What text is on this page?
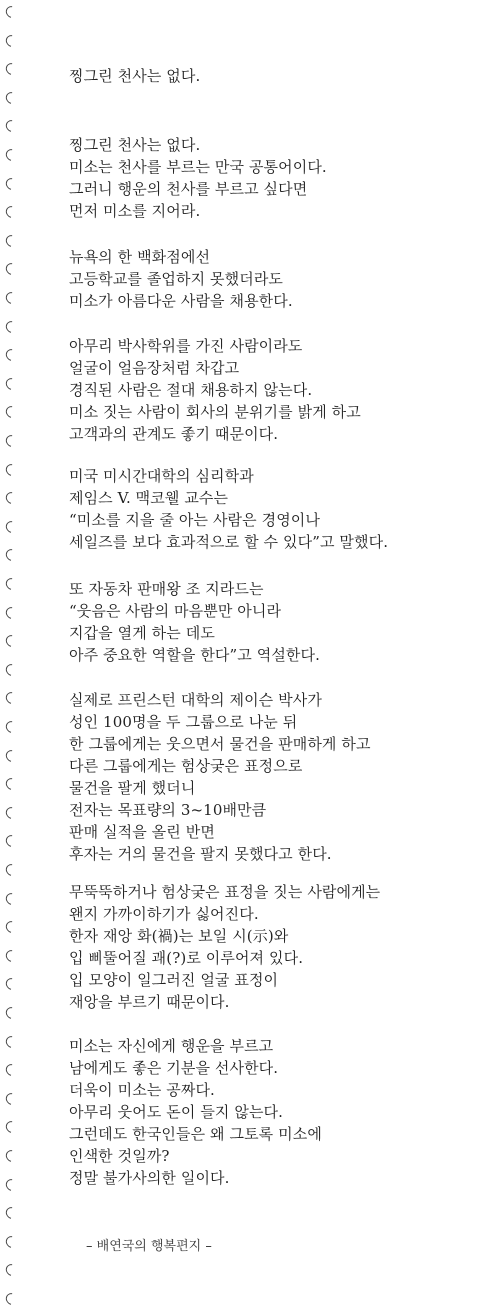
찡그린 천사는 없다.
찡그린 천사는 없다.
미소는 천사를 부르는 만국 공통어이다.
그러니 행운의 천사를 부르고 싶다면
먼저 미소를 지어라.
뉴욕의 한 백화점에선
고등학교를 졸업하지 못했더라도
미소가 아름다운 사람을 채용한다.
아무리 박사학위를 가진 사람이라도
얼굴이 얼음장처럼 차갑고
경직된 사람은 절대 채용하지 않는다.
미소 짓는 사람이 회사의 분위기를 밝게 하고
고객과의 관계도 좋기 때문이다.
미국 미시간대학의 심리학과
제임스 V. 맥코웰 교수는
“미소를 지을 줄 아는 사람은 경영이나
세일즈를 보다 효과적으로 할 수 있다”고 말했다.
또 자동차 판매왕 조 지라드는
“웃음은 사람의 마음뿐만 아니라
지갑을 열게 하는 데도
아주 중요한 역할을 한다”고 역설한다.
실제로 프린스턴 대학의 제이슨 박사가
성인 100명을 두 그룹으로 나눈 뒤
한 그룹에게는 웃으면서 물건을 판매하게 하고
다른 그룹에게는 험상궂은 표정으로
물건을 팔게 했더니
전자는 목표량의 3~10배만큼
판매 실적을 올린 반면
후자는 거의 물건을 팔지 못했다고 한다.
무뚝뚝하거나 험상궂은 표정을 짓는 사람에게는
왠지 가까이하기가 싫어진다.
한자 재앙 화(禍)는 보일 시(示)와
입 삐뚤어질 괘(?)로 이루어져 있다.
입 모양이 일그러진 얼굴 표정이
재앙을 부르기 때문이다.
미소는 자신에게 행운을 부르고
남에게도 좋은 기분을 선사한다.
더욱이 미소는 공짜다.
아무리 웃어도 돈이 들지 않는다.
그런데도 한국인들은 왜 그토록 미소에
인색한 것일까?
정말 불가사의한 일이다.
– 배연국의 행복편지 –
